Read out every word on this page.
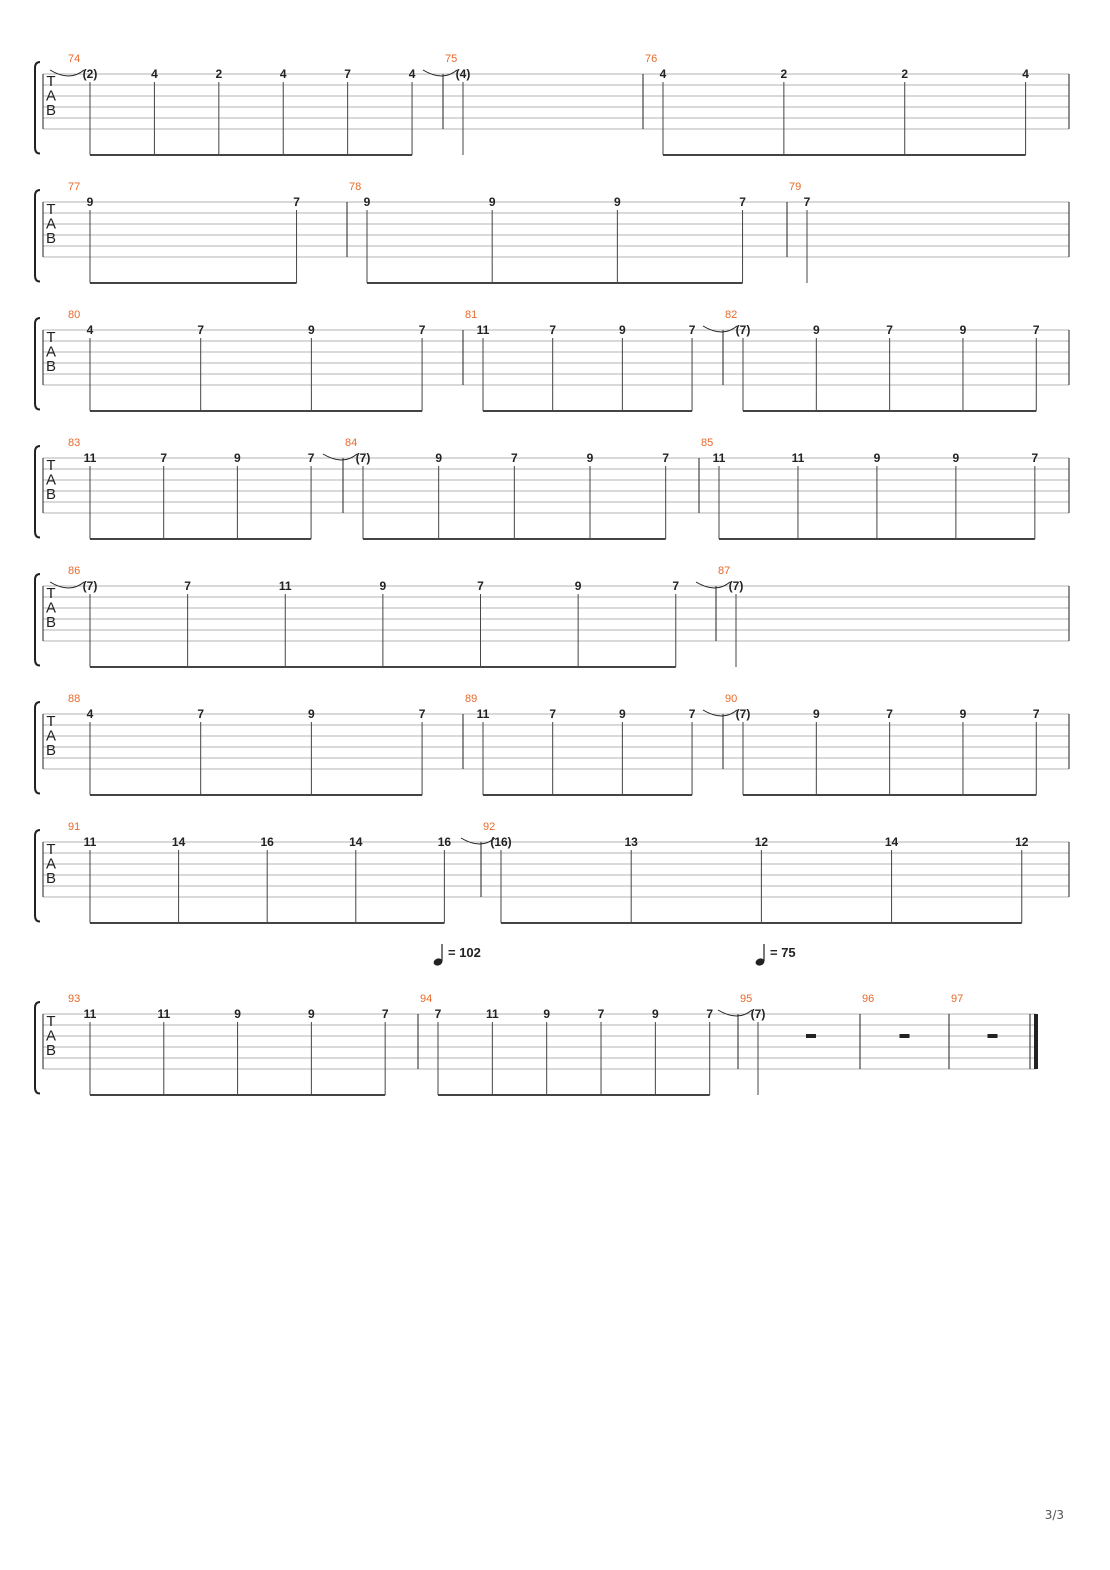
T
A
B
74
(2)	4	2	4	7	4
75
(4)
76
4	2	2	4
T
A
B
77
9	7
78
9	9	9	7
79
7
T
A
B
80
4	7	9	7
81
11	7	9	7
82
(7)	9	7	9	7
T
A
B
83
11	7	9	7
84
(7)	9	7	9	7
85
11	11	9	9	7
T
A
B
86
(7)	7	11	9	7	9	7
87
(7)
T
A
B
88
4	7	9	7
89
11	7	9	7
90
(7)	9	7	9	7
T
A
B
91
11	14	16	14	16
92
(16)	13	12	14	12
T
A
B
93
11	11	9	9	7
94
7	11	9	7	9	7
95
(7)
96	97
= 102	= 75
3/3
